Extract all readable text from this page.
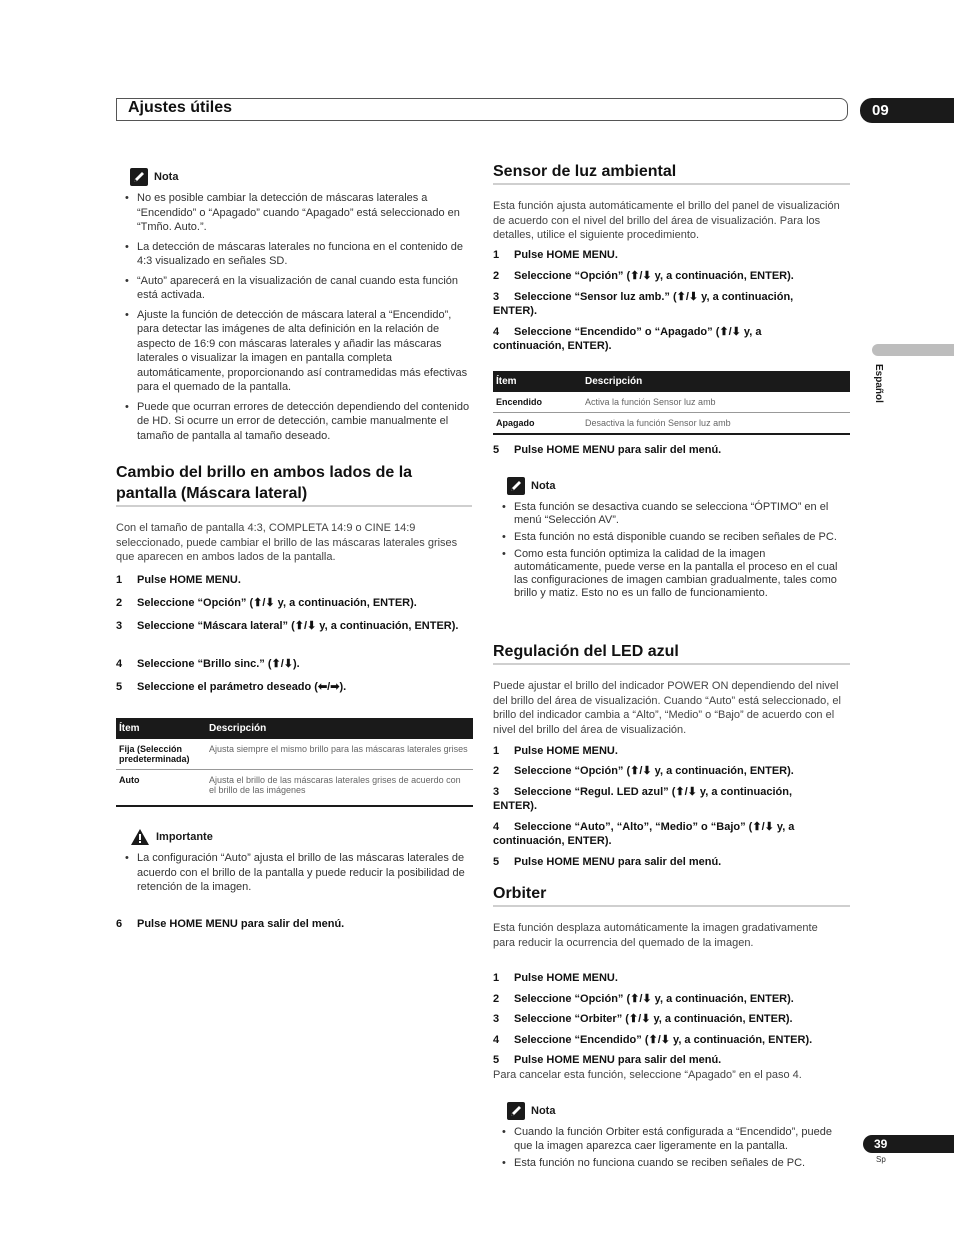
Ajustes útiles	09
Español
Nota
• No es posible cambiar la detección de máscaras laterales a “Encendido” o “Apagado” cuando “Apagado” está seleccionado en “Tmño. Auto.”.
• La detección de máscaras laterales no funciona en el contenido de 4:3 visualizado en señales SD.
• “Auto” aparecerá en la visualización de canal cuando esta función está activada.
• Ajuste la función de detección de máscara lateral a “Encendido”, para detectar las imágenes de alta definición en la relación de aspecto de 16:9 con máscaras laterales y añadir las máscaras laterales o visualizar la imagen en pantalla completa automáticamente, proporcionando así contramedidas más efectivas para el quemado de la pantalla.
• Puede que ocurran errores de detección dependiendo del contenido de HD. Si ocurre un error de detección, cambie manualmente el tamaño de pantalla al tamaño deseado.
Cambio del brillo en ambos lados de la
pantalla (Máscara lateral)
Con el tamaño de pantalla 4:3, COMPLETA 14:9 o CINE 14:9 seleccionado, puede cambiar el brillo de las máscaras laterales grises que aparecen en ambos lados de la pantalla.
1 Pulse HOME MENU.
2 Seleccione “Opción” (⬆/⬇ y, a continuación, ENTER).
3 Seleccione “Máscara lateral” (⬆/⬇ y, a continuación, ENTER).
4 Seleccione “Brillo sinc.” (⬆/⬇).
5 Seleccione el parámetro deseado (⬅/➡).
Ítem	Descripción
Fija (Selección predeterminada)	Ajusta siempre el mismo brillo para las máscaras laterales grises
Auto	Ajusta el brillo de las máscaras laterales grises de acuerdo con el brillo de las imágenes
Importante
• La configuración “Auto” ajusta el brillo de las máscaras laterales de acuerdo con el brillo de la pantalla y puede reducir la posibilidad de retención de la imagen.
6 Pulse HOME MENU para salir del menú.
Sensor de luz ambiental
Esta función ajusta automáticamente el brillo del panel de visualización de acuerdo con el nivel del brillo del área de visualización. Para los detalles, utilice el siguiente procedimiento.
1 Pulse HOME MENU.
2 Seleccione “Opción” (⬆/⬇ y, a continuación, ENTER).
3 Seleccione “Sensor luz amb.” (⬆/⬇ y, a continuación, ENTER).
4 Seleccione “Encendido” o “Apagado” (⬆/⬇ y, a continuación, ENTER).
Ítem	Descripción
Encendido	Activa la función Sensor luz amb
Apagado	Desactiva la función Sensor luz amb
5 Pulse HOME MENU para salir del menú.
Nota
• Esta función se desactiva cuando se selecciona “ÓPTIMO” en el menú “Selección AV”.
• Esta función no está disponible cuando se reciben señales de PC.
• Como esta función optimiza la calidad de la imagen automáticamente, puede verse en la pantalla el proceso en el cual las configuraciones de imagen cambian gradualmente, tales como brillo y matiz. Esto no es un fallo de funcionamiento.
Regulación del LED azul
Puede ajustar el brillo del indicador POWER ON dependiendo del nivel del brillo del área de visualización. Cuando “Auto” está seleccionado, el brillo del indicador cambia a “Alto”, “Medio” o “Bajo” de acuerdo con el nivel del brillo del área de visualización.
1 Pulse HOME MENU.
2 Seleccione “Opción” (⬆/⬇ y, a continuación, ENTER).
3 Seleccione “Regul. LED azul” (⬆/⬇ y, a continuación, ENTER).
4 Seleccione “Auto”, “Alto”, “Medio” o “Bajo” (⬆/⬇ y, a continuación, ENTER).
5 Pulse HOME MENU para salir del menú.
Orbiter
Esta función desplaza automáticamente la imagen gradativamente para reducir la ocurrencia del quemado de la imagen.
1 Pulse HOME MENU.
2 Seleccione “Opción” (⬆/⬇ y, a continuación, ENTER).
3 Seleccione “Orbiter” (⬆/⬇ y, a continuación, ENTER).
4 Seleccione “Encendido” (⬆/⬇ y, a continuación, ENTER).
5 Pulse HOME MENU para salir del menú.
Para cancelar esta función, seleccione “Apagado” en el paso 4.
Nota
• Cuando la función Orbiter está configurada a “Encendido”, puede que la imagen aparezca caer ligeramente en la pantalla.
• Esta función no funciona cuando se reciben señales de PC.
39
Sp
